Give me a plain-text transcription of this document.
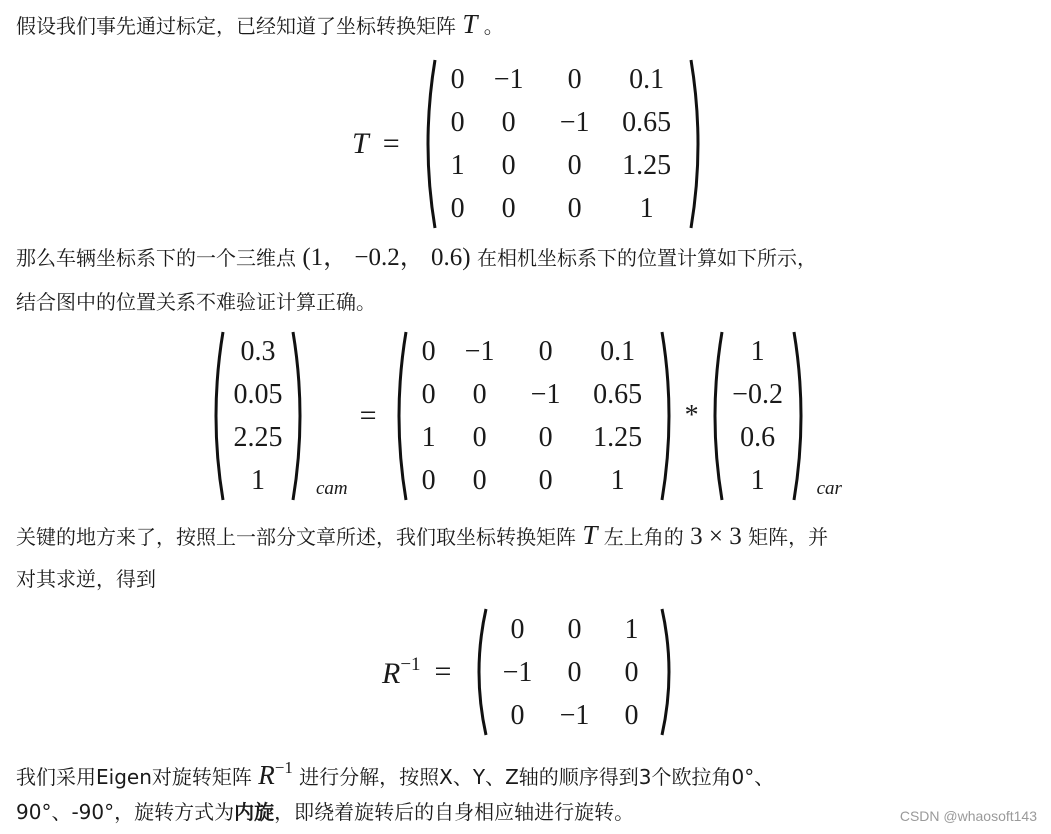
假设我们事先通过标定，已经知道了坐标转换矩阵 T 。
T =
0	−1	0	0.1
0	0	−1	0.65
1	0	0	1.25
0	0	0	1
那么车辆坐标系下的一个三维点 (1， −0.2， 0.6) 在相机坐标系下的位置计算如下所示，
结合图中的位置关系不难验证计算正确。
0.3
0.05
2.25
1	cam
=
0	−1	0	0.1
0	0	−1	0.65
1	0	0	1.25
0	0	0	1
*
1
−0.2
0.6
1	car
关键的地方来了，按照上一部分文章所述，我们取坐标转换矩阵 T 左上角的 3 × 3 矩阵，并
对其求逆，得到
$R^{-1}$ =
0	0	1
−1	0	0
0	−1	0
我们采用Eigen对旋转矩阵 $R^{-1}$ 进行分解，按照X、Y、Z轴的顺序得到3个欧拉角0°、
90°、-90°，旋转方式为内旋，即绕着旋转后的自身相应轴进行旋转。	CSDN @whaosoft143
